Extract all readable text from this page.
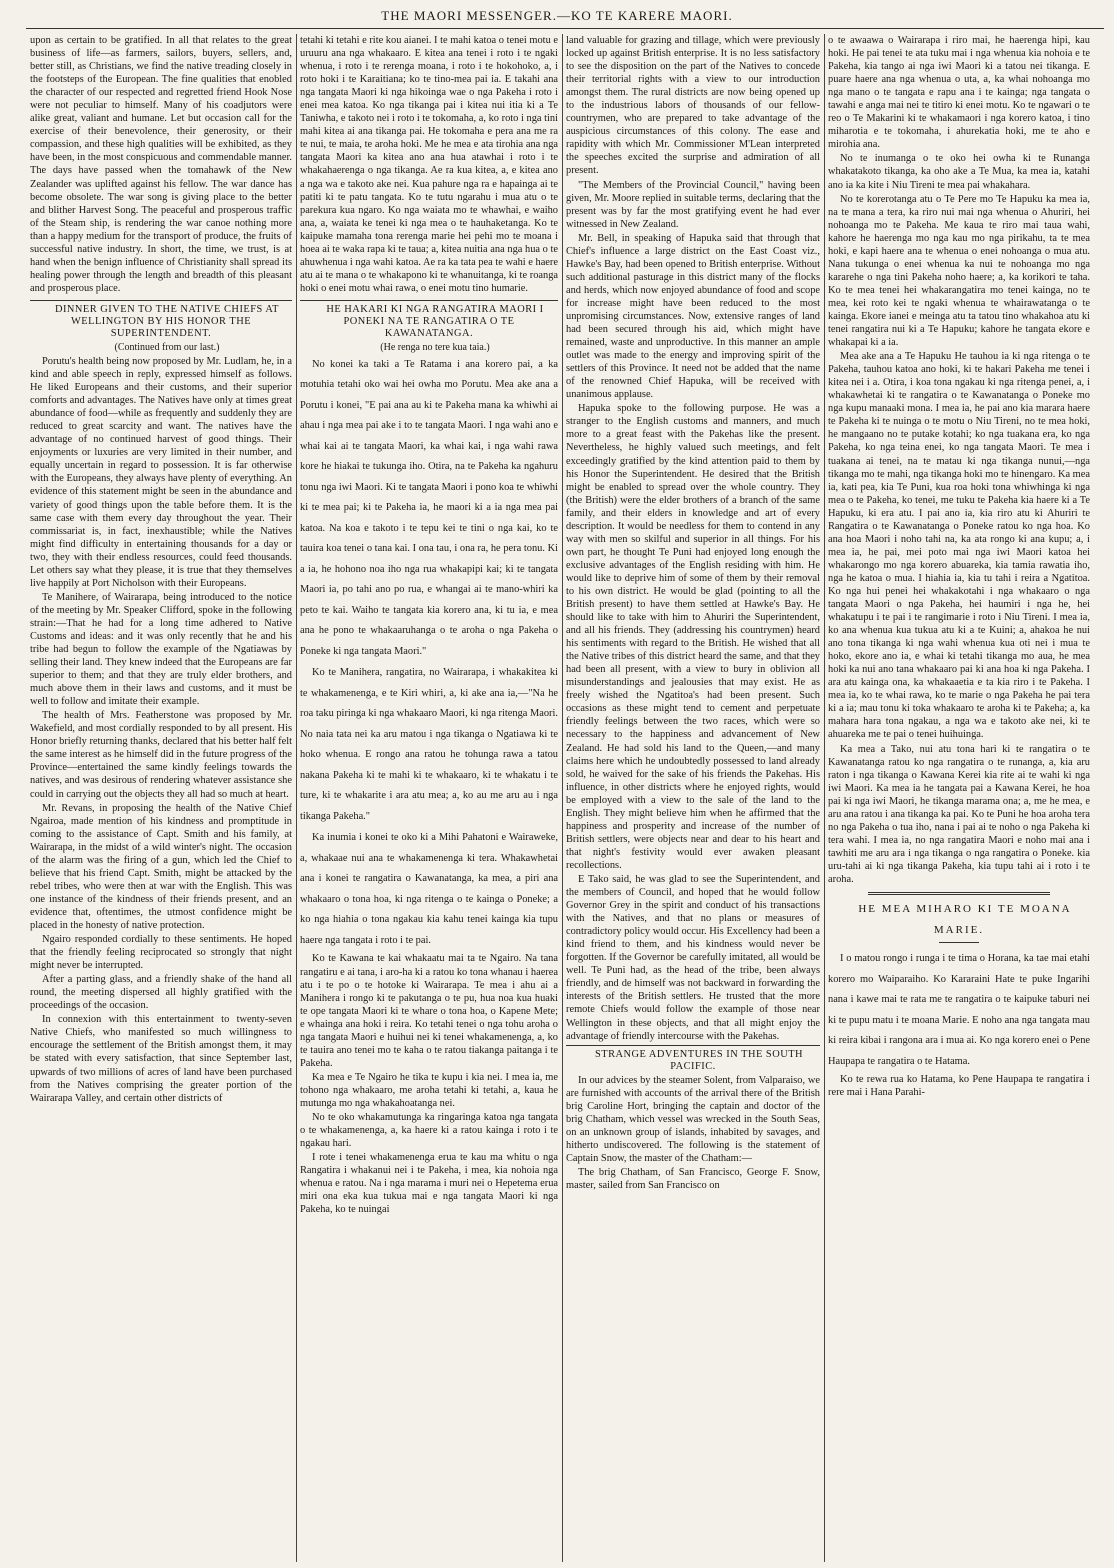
THE MAORI MESSENGER.—KO TE KARERE MAORI.

upon as certain to be gratified. In all that relates to the great business of life—as farmers, sailors, buyers, sellers, and, better still, as Christians, we find the native treading closely in the footsteps of the European. The fine qualities that enobled the character of our respected and regretted friend Hook Nose were not peculiar to himself. Many of his coadjutors were alike great, valiant and humane. Let but occasion call for the exercise of their benevolence, their generosity, or their compassion, and these high qualities will be exhibited, as they have been, in the most conspicuous and commendable manner. The days have passed when the tomahawk of the New Zealander was uplifted against his fellow. The war dance has become obsolete. The war song is giving place to the better and blither Harvest Song. The peaceful and prosperous traffic of the Steam ship, is rendering the war canoe nothing more than a happy medium for the transport of produce, the fruits of successful native industry. In short, the time, we trust, is at hand when the benign influence of Christianity shall spread its healing power through the length and breadth of this pleasant and prosperous place.

DINNER GIVEN TO THE NATIVE CHIEFS AT WELLINGTON BY HIS HONOR THE SUPERINTENDENT.

(Continued from our last.)

Porutu's health being now proposed by Mr. Ludlam, he, in a kind and able speech in reply, expressed himself as follows. He liked Europeans and their customs, and their superior comforts and advantages. The Natives have only at times great abundance of food—while as frequently and suddenly they are reduced to great scarcity and want. The natives have the advantage of no continued harvest of good things. Their enjoyments or luxuries are very limited in their number, and equally uncertain in regard to possession. It is far otherwise with the Europeans, they always have plenty of everything. An evidence of this statement might be seen in the abundance and variety of good things upon the table before them. It is the same case with them every day throughout the year. Their commissariat is, in fact, inexhaustible; while the Natives might find difficulty in entertaining thousands for a day or two, they with their endless resources, could feed thousands. Let others say what they please, it is true that they themselves live happily at Port Nicholson with their Europeans.

Te Manihere, of Wairarapa, being introduced to the notice of the meeting by Mr. Speaker Clifford, spoke in the following strain:—That he had for a long time adhered to Native Customs and ideas: and it was only recently that he and his tribe had begun to follow the example of the Ngatiawas by selling their land. They knew indeed that the Europeans are far superior to them; and that they are truly elder brothers, and much above them in their laws and customs, and it must be well to follow and imitate their example.

The health of Mrs. Featherstone was proposed by Mr. Wakefield, and most cordially responded to by all present. His Honor briefly returning thanks, declared that his better half felt the same interest as he himself did in the future progress of the Province—entertained the same kindly feelings towards the natives, and was desirous of rendering whatever assistance she could in carrying out the objects they all had so much at heart.

Mr. Revans, in proposing the health of the Native Chief Ngairoa, made mention of his kindness and promptitude in coming to the assistance of Capt. Smith and his family, at Wairarapa, in the midst of a wild winter's night. The occasion of the alarm was the firing of a gun, which led the Chief to believe that his friend Capt. Smith, might be attacked by the rebel tribes, who were then at war with the English. This was one instance of the kindness of their friends present, and an evidence that, oftentimes, the utmost confidence might be placed in the honesty of native protection.

Ngairo responded cordially to these sentiments. He hoped that the friendly feeling reciprocated so strongly that night might never be interrupted.

After a parting glass, and a friendly shake of the hand all round, the meeting dispersed all highly gratified with the proceedings of the occasion.

In connexion with this entertainment to twenty-seven Native Chiefs, who manifested so much willingness to encourage the settlement of the British amongst them, it may be stated with every satisfaction, that since September last, upwards of two millions of acres of land have been purchased from the Natives comprising the greater portion of the Wairarapa Valley, and certain other districts of

tetahi ki tetahi e rite kou aianei. I te mahi katoa o tenei motu e uruuru ana nga whakaaro. E kitea ana tenei i roto i te ngaki whenua, i roto i te rerenga moana, i roto i te hokohoko, a, i roto hoki i te Karaitiana; ko te tino-mea pai ia. E takahi ana nga tangata Maori ki nga hikoinga wae o nga Pakeha i roto i enei mea katoa. Ko nga tikanga pai i kitea nui itia ki a Te Taniwha, e takoto nei i roto i te tokomaha, a, ko roto i nga tini mahi kitea ai ana tikanga pai. He tokomaha e pera ana me ra te nui, te maia, te aroha hoki. Me he mea e ata tirohia ana nga tangata Maori ka kitea ano ana hua atawhai i roto i te whakahaerenga o nga tikanga. Ae ra kua kitea, a, e kitea ano a nga wa e takoto ake nei. Kua pahure nga ra e hapainga ai te patiti ki te patu tangata. Ko te tutu ngarahu i mua atu o te parekura kua ngaro. Ko nga waiata mo te whawhai, e waiho ana, a, waiata ke tenei ki nga mea o te hauhaketanga. Ko te kaipuke mamaha tona rerenga marie hei pehi mo te moana i hoea ai te waka rapa ki te taua; a, kitea nuitia ana nga hua o te ahuwhenua i nga wahi katoa. Ae ra ka tata pea te wahi e haere atu ai te mana o te whakapono ki te whanuitanga, ki te roanga hoki o enei motu whai rawa, o enei motu tino humarie.

HE HAKARI KI NGA RANGATIRA MAORI I PONEKI NA TE RANGATIRA O TE KAWANATANGA.

(He renga no tere kua taia.)

No konei ka taki a Te Ratama i ana korero pai, a ka motuhia tetahi oko wai hei owha mo Porutu. Mea ake ana a Porutu i konei, "E pai ana au ki te Pakeha mana ka whiwhi ai ahau i nga mea pai ake i to te tangata Maori. I nga wahi ano e whai kai ai te tangata Maori, ka whai kai, i nga wahi rawa kore he hiakai te tukunga iho. Otira, na te Pakeha ka ngahuru tonu nga iwi Maori. Ki te tangata Maori i pono koa te whiwhi ki te mea pai; ki te Pakeha ia, he maori ki a ia nga mea pai katoa. Na koa e takoto i te tepu kei te tini o nga kai, ko te tauira koa tenei o tana kai. I ona tau, i ona ra, he pera tonu. Ki a ia, he hohono noa iho nga rua whakapipi kai; ki te tangata Maori ia, po tahi ano po rua, e whangai ai te mano-whiri ka peto te kai. Waiho te tangata kia korero ana, ki tu ia, e mea ana he pono te whakaaruhanga o te aroha o nga Pakeha o Poneke ki nga tangata Maori."

Ko te Manihera, rangatira, no Wairarapa, i whakakitea ki te whakamenenga, e te Kiri whiri, a, ki ake ana ia,—"Na he roa taku piringa ki nga whakaaro Maori, ki nga ritenga Maori. No naia tata nei ka aru matou i nga tikanga o Ngatiawa ki te hoko whenua. E rongo ana ratou he tohunga rawa a tatou nakana Pakeha ki te mahi ki te whakaaro, ki te whakatu i te ture, ki te whakarite i ara atu mea; a, ko au me aru au i nga tikanga Pakeha."

Ka inumia i konei te oko ki a Mihi Pahatoni e Wairaweke, a, whakaae nui ana te whakamenenga ki tera. Whakawhetai ana i konei te rangatira o Kawanatanga, ka mea, a piri ana whakaaro o tona hoa, ki nga ritenga o te kainga o Poneke; a ko nga hiahia o tona ngakau kia kahu tenei kainga kia tupu haere nga tangata i roto i te pai.

Ko te Kawana te kai whakaatu mai ta te Ngairo. Na tana rangatiru e ai tana, i aro-ha ki a ratou ko tona whanau i haerea atu i te po o te hotoke ki Wairarapa. Te mea i ahu ai a Manihera i rongo ki te pakutanga o te pu, hua noa kua huaki te ope tangata Maori ki te whare o tona hoa, o Kapene Mete; e whainga ana hoki i reira. Ko tetahi tenei o nga tohu aroha o nga tangata Maori e huihui nei ki tenei whakamenenga, a, ko te tauira ano tenei mo te kaha o te ratou tiakanga paitanga i te Pakeha.

Ka mea e Te Ngairo he tika te kupu i kia nei. I mea ia, me tohono nga whakaaro, me aroha tetahi ki tetahi, a, kaua he mutunga mo nga whakahoatanga nei.

No te oko whakamutunga ka ringaringa katoa nga tangata o te whakamenenga, a, ka haere ki a ratou kainga i roto i te ngakau hari.

I rote i tenei whakamenenga erua te kau ma whitu o nga Rangatira i whakanui nei i te Pakeha, i mea, kia nohoia nga whenua e ratou. Na i nga marama i muri nei o Hepetema erua miri ona eka kua tukua mai e nga tangata Maori ki nga Pakeha, ko te nuingai

land valuable for grazing and tillage, which were previously locked up against British enterprise. It is no less satisfactory to see the disposition on the part of the Natives to concede their territorial rights with a view to our introduction amongst them. The rural districts are now being opened up to the industrious labors of thousands of our fellow-countrymen, who are prepared to take advantage of the auspicious circumstances of this colony. The ease and rapidity with which Mr. Commissioner M'Lean interpreted the speeches excited the surprise and admiration of all present.

"The Members of the Provincial Council," having been given, Mr. Moore replied in suitable terms, declaring that the present was by far the most gratifying event he had ever witnessed in New Zealand.

Mr. Bell, in speaking of Hapuka said that through that Chief's influence a large district on the East Coast viz., Hawke's Bay, had been opened to British enterprise. Without such additional pasturage in this district many of the flocks and herds, which now enjoyed abundance of food and scope for increase might have been reduced to the most unpromising circumstances. Now, extensive ranges of land had been secured through his aid, which might have remained, waste and unproductive. In this manner an ample outlet was made to the energy and improving spirit of the settlers of this Province. It need not be added that the name of the renowned Chief Hapuka, will be received with unanimous applause.

Hapuka spoke to the following purpose. He was a stranger to the English customs and manners, and much more to a great feast with the Pakehas like the present. Nevertheless, he highly valued such meetings, and felt exceedingly gratified by the kind attention paid to them by his Honor the Superintendent. He desired that the British might be enabled to spread over the whole country. They (the British) were the elder brothers of a branch of the same family, and their elders in knowledge and art of every description. It would be needless for them to contend in any way with men so skilful and superior in all things. For his own part, he thought Te Puni had enjoyed long enough the exclusive advantages of the English residing with him. He would like to deprive him of some of them by their removal to his own district. He would be glad (pointing to all the British present) to have them settled at Hawke's Bay. He should like to take with him to Ahuriri the Superintendent, and all his friends. They (addressing his countrymen) heard his sentiments with regard to the British. He wished that all the Native tribes of this district heard the same, and that they had been all present, with a view to bury in oblivion all misunderstandings and jealousies that may exist. He as freely wished the Ngatitoa's had been present. Such occasions as these might tend to cement and perpetuate friendly feelings between the two races, which were so necessary to the happiness and advancement of New Zealand. He had sold his land to the Queen,—and many claims here which he undoubtedly possessed to land already sold, he waived for the sake of his friends the Pakehas. His influence, in other districts where he enjoyed rights, would be employed with a view to the sale of the land to the English. They might believe him when he affirmed that the happiness and prosperity and increase of the number of British settlers, were objects near and dear to his heart and that night's festivity would ever awaken pleasant recollections.

E Tako said, he was glad to see the Superintendent, and the members of Council, and hoped that he would follow Governor Grey in the spirit and conduct of his transactions with the Natives, and that no plans or measures of contradictory policy would occur. His Excellency had been a kind friend to them, and his kindness would never be forgotten. If the Governor be carefully imitated, all would be well. Te Puni had, as the head of the tribe, been always friendly, and de himself was not backward in forwarding the interests of the British settlers. He trusted that the more remote Chiefs would follow the example of those near Wellington in these objects, and that all might enjoy the advantage of friendly intercourse with the Pakehas.

STRANGE ADVENTURES IN THE SOUTH PACIFIC.

In our advices by the steamer Solent, from Valparaiso, we are furnished with accounts of the arrival there of the British brig Caroline Hort, bringing the captain and doctor of the brig Chatham, which vessel was wrecked in the South Seas, on an unknown group of islands, inhabited by savages, and hitherto undiscovered. The following is the statement of Captain Snow, the master of the Chatham:—

The brig Chatham, of San Francisco, George F. Snow, master, sailed from San Francisco on

o te awaawa o Wairarapa i riro mai, he haerenga hipi, kau hoki. He pai tenei te ata tuku mai i nga whenua kia nohoia e te Pakeha, kia tango ai nga iwi Maori ki a tatou nei tikanga. E puare haere ana nga whenua o uta, a, ka whai nohoanga mo nga mano o te tangata e rapu ana i te kainga; nga tangata o tawahi e anga mai nei te titiro ki enei motu. Ko te ngawari o te reo o Te Makarini ki te whakamaori i nga korero katoa, i tino miharotia e te tokomaha, i ahurekatia hoki, me te aho e mirohia ana.

No te inumanga o te oko hei owha ki te Runanga whakatakoto tikanga, ka oho ake a Te Mua, ka mea ia, katahi ano ia ka kite i Niu Tireni te mea pai whakahara.

No te korerotanga atu o Te Pere mo Te Hapuku ka mea ia, na te mana a tera, ka riro nui mai nga whenua o Ahuriri, hei nohoanga mo te Pakeha. Me kaua te riro mai taua wahi, kahore he haerenga mo nga kau mo nga pirikahu, ta te mea hoki, e kapi haere ana te whenua o enei nohoanga o mua atu. Nana tukunga o enei whenua ka nui te nohoanga mo nga kararehe o nga tini Pakeha noho haere; a, ka korikori te taha. Ko te mea tenei hei whakarangatira mo tenei kainga, no te mea, kei roto kei te ngaki whenua te whairawatanga o te kainga. Ekore ianei e meinga atu ta tatou tino whakahoa atu ki tenei rangatira nui ki a Te Hapuku; kahore he tangata ekore e whakapai ki a ia.

Mea ake ana a Te Hapuku He tauhou ia ki nga ritenga o te Pakeha, tauhou katoa ano hoki, ki te hakari Pakeha me tenei i kitea nei i a. Otira, i koa tona ngakau ki nga ritenga penei, a, i whakawhetai ki te rangatira o te Kawanatanga o Poneke mo nga kupu manaaki mona. I mea ia, he pai ano kia marara haere te Pakeha ki te nuinga o te motu o Niu Tireni, no te mea hoki, he mangaano no te putake kotahi; ko nga tuakana era, ko nga Pakeha, ko nga teina enei, ko nga tangata Maori. Te mea i tuakana ai tenei, na te matau ki nga tikanga nunui,—nga tikanga mo te mahi, nga tikanga hoki mo te hinengaro. Ka mea ia, kati pea, kia Te Puni, kua roa hoki tona whiwhinga ki nga mea o te Pakeha, ko tenei, me tuku te Pakeha kia haere ki a Te Hapuku, ki era atu. I pai ano ia, kia riro atu ki Ahuriri te Rangatira o te Kawanatanga o Poneke ratou ko nga hoa. Ko ana hoa Maori i noho tahi na, ka ata rongo ki ana kupu; a, i mea ia, he pai, mei poto mai nga iwi Maori katoa hei whakarongo mo nga korero abuareka, kia tamia rawatia iho, nga he katoa o mua. I hiahia ia, kia tu tahi i reira a Ngatitoa. Ko nga hui penei hei whakakotahi i nga whakaaro o nga tangata Maori o nga Pakeha, hei haumiri i nga he, hei whakatupu i te pai i te rangimarie i roto i Niu Tireni. I mea ia, ko ana whenua kua tukua atu ki a te Kuini; a, ahakoa he nui ano tona tikanga ki nga wahi whenua kua oti nei i mua te hoko, ekore ano ia, e whai ki tetahi tikanga mo aua, he mea hoki ka nui ano tana whakaaro pai ki ana hoa ki nga Pakeha. I ara atu kainga ona, ka whakaaetia e ta kia riro i te Pakeha. I mea ia, ko te whai rawa, ko te marie o nga Pakeha he pai tera ki a ia; mau tonu ki toka whakaaro te aroha ki te Pakeha; a, ka mahara hara tona ngakau, a nga wa e takoto ake nei, ki te ahuareka me te pai o tenei huihuinga.

Ka mea a Tako, nui atu tona hari ki te rangatira o te Kawanatanga ratou ko nga rangatira o te runanga, a, kia aru raton i nga tikanga o Kawana Kerei kia rite ai te wahi ki nga iwi Maori. Ka mea ia he tangata pai a Kawana Kerei, he hoa pai ki nga iwi Maori, he tikanga marama ona; a, me he mea, e aru ana ratou i ana tikanga ka pai. Ko te Puni he hoa aroha tera no nga Pakeha o tua iho, nana i pai ai te noho o nga Pakeha ki tera wahi. I mea ia, no nga rangatira Maori e noho mai ana i tawhiti me aru ara i nga tikanga o nga rangatira o Poneke. kia uru-tahi ai ki nga tikanga Pakeha, kia tupu tahi ai i roto i te aroha.

HE MEA MIHARO KI TE MOANA MARIE.

I o matou rongo i runga i te tima o Horana, ka tae mai etahi korero mo Waiparaiho. Ko Kararaini Hate te puke Ingarihi nana i kawe mai te rata me te rangatira o te kaipuke taburi nei ki te pupu matu i te moana Marie. E noho ana nga tangata mau ki reira kibai i rangona ara i mua ai. Ko nga korero enei o Pene Haupapa te rangatira o te Hatama.

Ko te rewa rua ko Hatama, ko Pene Haupapa te rangatira i rere mai i Hana Parahi-
